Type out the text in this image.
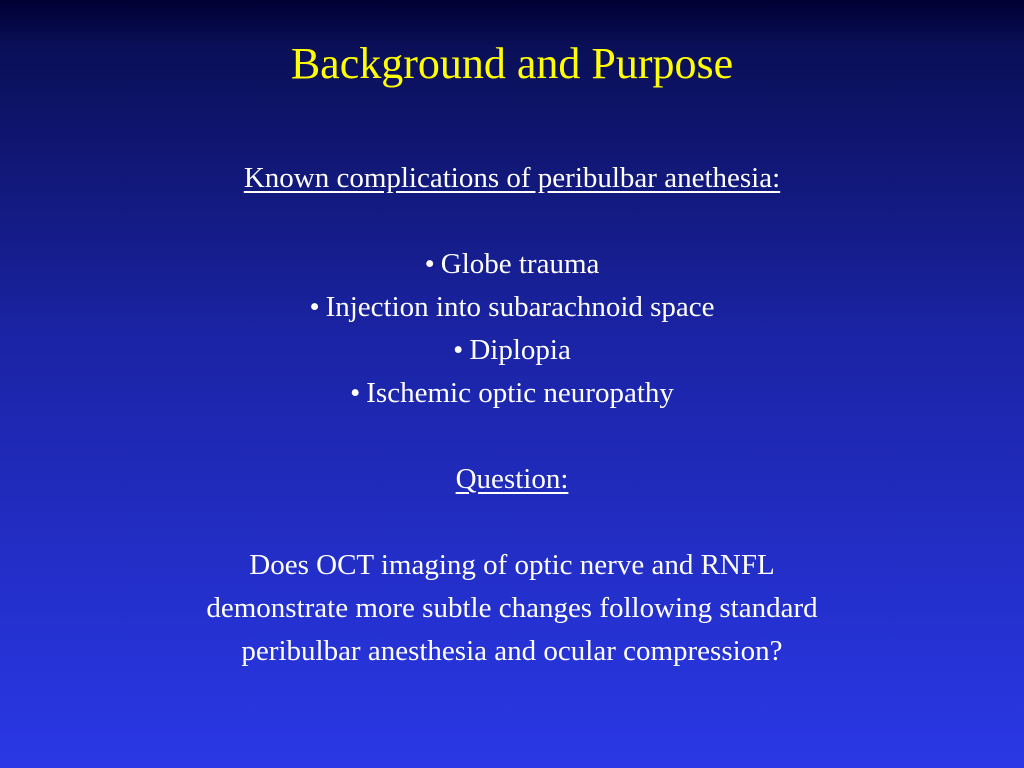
Background and Purpose
Known complications of peribulbar anethesia:
• Globe trauma
• Injection into subarachnoid space
• Diplopia
• Ischemic optic neuropathy
Question:
Does OCT imaging of optic nerve and RNFL
demonstrate more subtle changes following standard
peribulbar anesthesia and ocular compression?
